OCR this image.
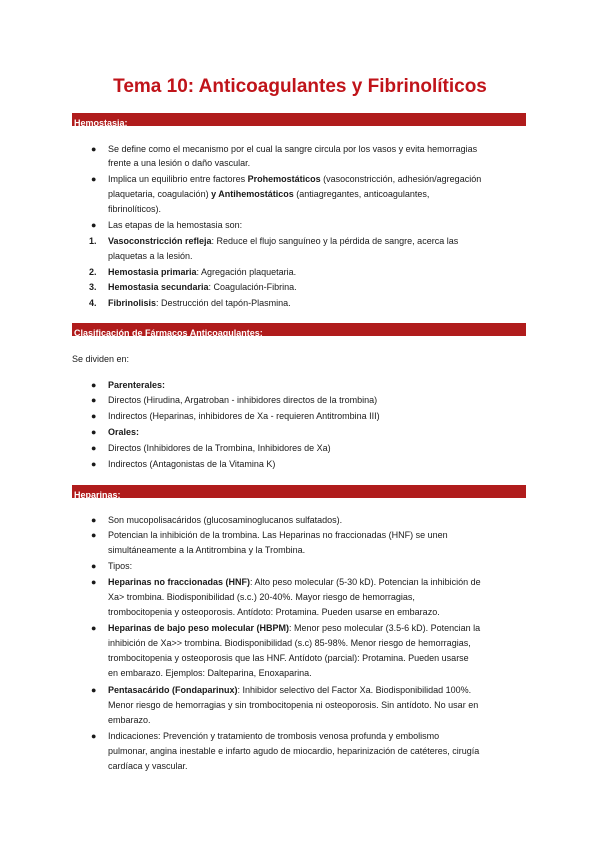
Tema 10: Anticoagulantes y Fibrinolíticos
Hemostasia:
● Se define como el mecanismo por el cual la sangre circula por los vasos y evita hemorragias
frente a una lesión o daño vascular.
● Implica un equilibrio entre factores Prohemostáticos (vasoconstricción, adhesión/agregación
plaquetaria, coagulación) y Antihemostáticos (antiagregantes, anticoagulantes,
fibrinolíticos).
● Las etapas de la hemostasia son:
1. Vasoconstricción refleja: Reduce el flujo sanguíneo y la pérdida de sangre, acerca las
plaquetas a la lesión.
2. Hemostasia primaria: Agregación plaquetaria.
3. Hemostasia secundaria: Coagulación-Fibrina.
4. Fibrinolisis: Destrucción del tapón-Plasmina.
Clasificación de Fármacos Anticoagulantes:
Se dividen en:
● Parenterales:
● Directos (Hirudina, Argatroban - inhibidores directos de la trombina)
● Indirectos (Heparinas, inhibidores de Xa - requieren Antitrombina III)
● Orales:
● Directos (Inhibidores de la Trombina, Inhibidores de Xa)
● Indirectos (Antagonistas de la Vitamina K)
Heparinas:
● Son mucopolisacáridos (glucosaminoglucanos sulfatados).
● Potencian la inhibición de la trombina. Las Heparinas no fraccionadas (HNF) se unen
simultáneamente a la Antitrombina y la Trombina.
● Tipos:
● Heparinas no fraccionadas (HNF): Alto peso molecular (5-30 kD). Potencian la inhibición de
Xa> trombina. Biodisponibilidad (s.c.) 20-40%. Mayor riesgo de hemorragias,
trombocitopenia y osteoporosis. Antídoto: Protamina. Pueden usarse en embarazo.
● Heparinas de bajo peso molecular (HBPM): Menor peso molecular (3.5-6 kD). Potencian la
inhibición de Xa>> trombina. Biodisponibilidad (s.c) 85-98%. Menor riesgo de hemorragias,
trombocitopenia y osteoporosis que las HNF. Antídoto (parcial): Protamina. Pueden usarse
en embarazo. Ejemplos: Dalteparina, Enoxaparina.
● Pentasacárido (Fondaparinux): Inhibidor selectivo del Factor Xa. Biodisponibilidad 100%.
Menor riesgo de hemorragias y sin trombocitopenia ni osteoporosis. Sin antídoto. No usar en
embarazo.
● Indicaciones: Prevención y tratamiento de trombosis venosa profunda y embolismo
pulmonar, angina inestable e infarto agudo de miocardio, heparinización de catéteres, cirugía
cardíaca y vascular.
